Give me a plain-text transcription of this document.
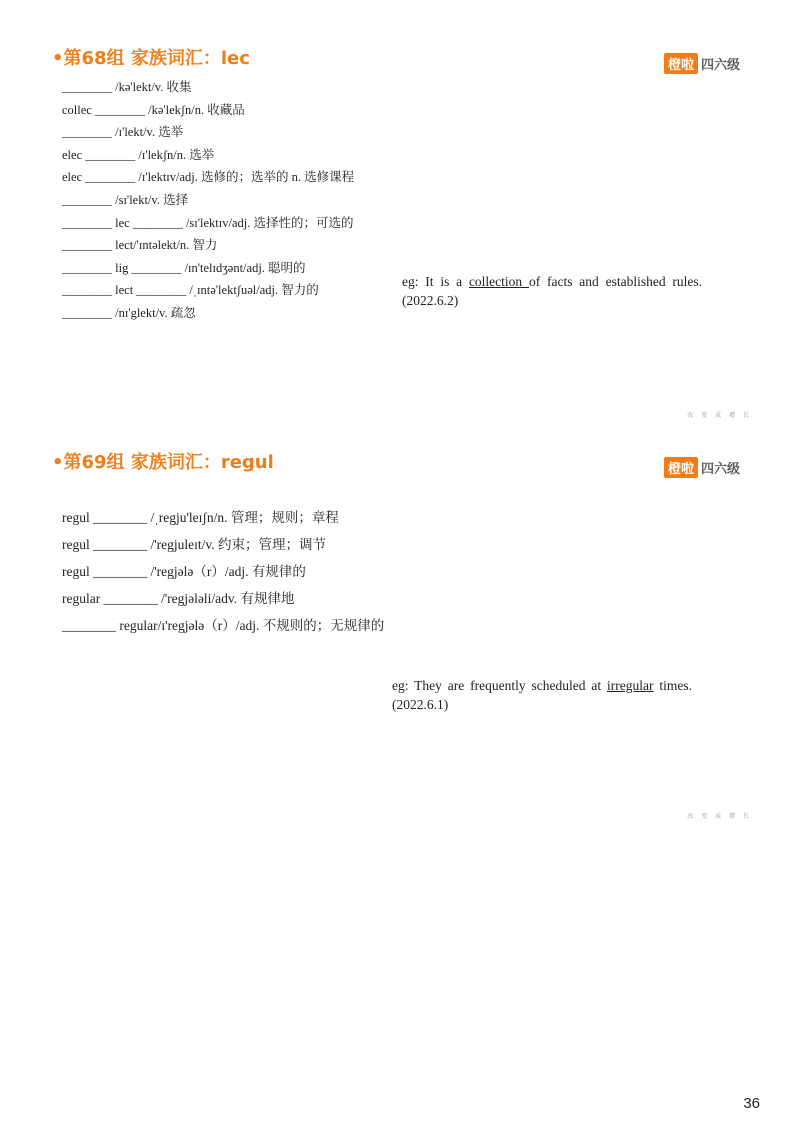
•第68组 家族词汇：lec	橙啦 四六级
________ /kə'lekt/v. 收集
collec ________ /kə'lekʃn/n. 收藏品
________ /ɪ'lekt/v. 选举
elec ________ /ɪ'lekʃn/n. 选举
elec ________ /ɪ'lektɪv/adj. 选修的；选举的 n. 选修课程
________ /sɪ'lekt/v. 选择
________ lec ________ /sɪ'lektɪv/adj. 选择性的；可选的
________ lect/'ɪntəlekt/n. 智力
________ lig ________ /ɪn'telɪdʒənt/adj. 聪明的
________ lect ________ /ˌɪntə'lektʃuəl/adj. 智力的
________ /nɪ'glekt/v. 疏忽
eg: It is a collection of facts and established rules.(2022.6.2)
改 变 成 增 长
•第69组 家族词汇：regul	橙啦 四六级
regul ________ /ˌregju'leɪʃn/n. 管理；规则；章程
regul ________ /'regjuleɪt/v. 约束；管理；调节
regul ________ /'regjələ（r）/adj. 有规律的
regular ________ /'regjələli/adv. 有规律地
________ regular/ɪ'regjələ（r）/adj. 不规则的；无规律的
eg: They are frequently scheduled at irregular times.(2022.6.1)
改 变 成 增 长
36
